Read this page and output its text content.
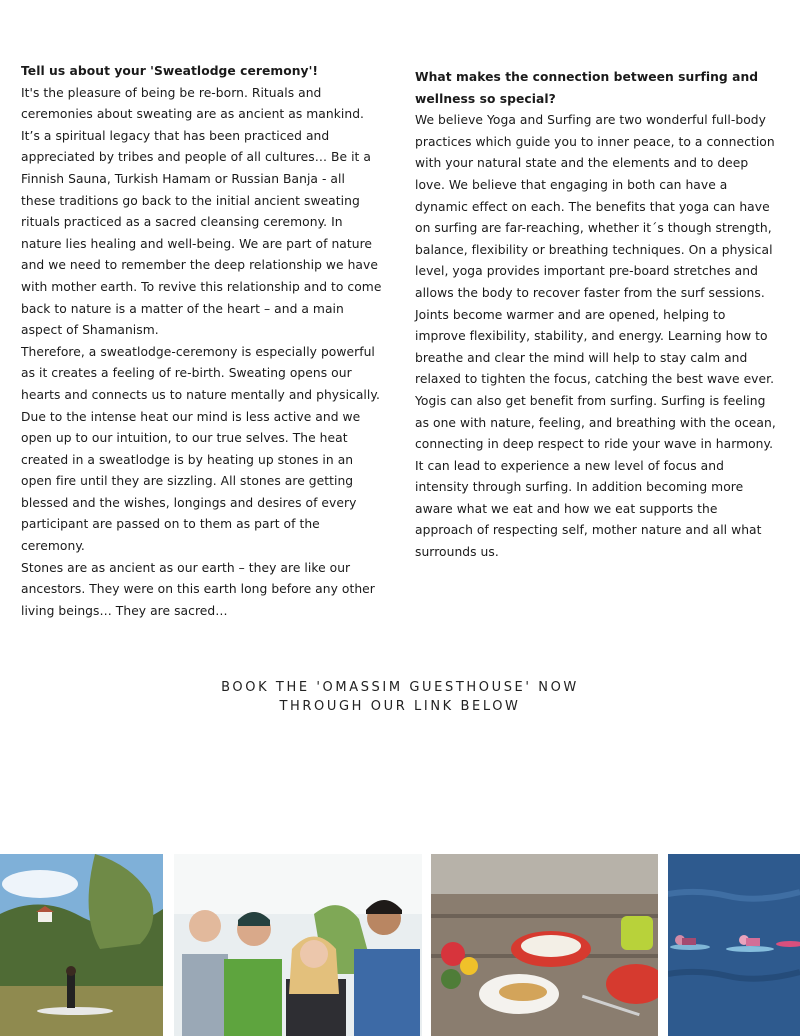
Tell us about your 'Sweatlodge ceremony'!

It's the pleasure of being be re-born. Rituals and ceremonies about sweating are as ancient as mankind. It’s a spiritual legacy that has been practiced and appreciated by tribes and people of all cultures… Be it a Finnish Sauna, Turkish Hamam or Russian Banja - all these traditions go back to the initial ancient sweating rituals practiced as a sacred cleansing ceremony. In nature lies healing and well-being. We are part of nature and we need to remember the deep relationship we have with mother earth. To revive this relationship and to come back to nature is a matter of the heart – and a main aspect of Shamanism.

Therefore, a sweatlodge-ceremony is especially powerful as it creates a feeling of re-birth. Sweating opens our hearts and connects us to nature mentally and physically. Due to the intense heat our mind is less active and we open up to our intuition, to our true selves. The heat created in a sweatlodge is by heating up stones in an open fire until they are sizzling. All stones are getting blessed and the wishes, longings and desires of every participant are passed on to them as part of the ceremony.

Stones are as ancient as our earth – they are like our ancestors. They were on this earth long before any other living beings… They are sacred…

What makes the connection between surfing and wellness so special?

We believe Yoga and Surfing are two wonderful full-body practices which guide you to inner peace, to a connection with your natural state and the elements and to deep love. We believe that engaging in both can have a dynamic effect on each. The benefits that yoga can have on surfing are far-reaching, whether it´s though strength, balance, flexibility or breathing techniques. On a physical level, yoga provides important pre-board stretches and allows the body to recover faster from the surf sessions. Joints become warmer and are opened, helping to improve flexibility, stability, and energy. Learning how to breathe and clear the mind will help to stay calm and relaxed to tighten the focus, catching the best wave ever.

Yogis can also get benefit from surfing. Surfing is feeling as one with nature, feeling, and breathing with the ocean, connecting in deep respect to ride your wave in harmony. It can lead to experience a new level of focus and intensity through surfing. In addition becoming more aware what we eat and how we eat supports the approach of respecting self, mother nature and all what surrounds us.

BOOK THE 'OMASSIM GUESTHOUSE' NOW
THROUGH OUR LINK BELOW
